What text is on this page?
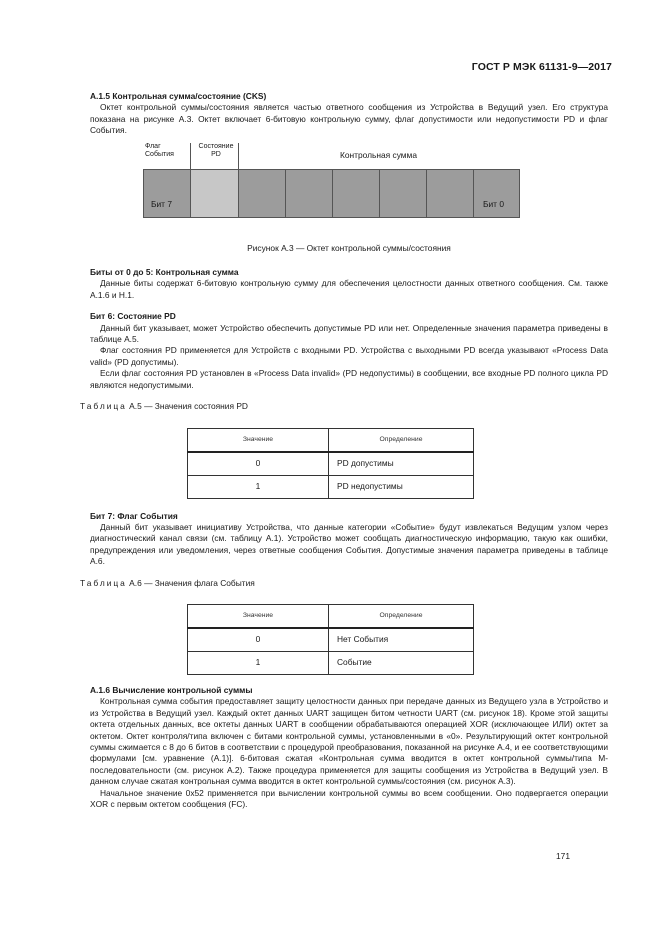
ГОСТ Р МЭК 61131-9—2017
А.1.5 Контрольная сумма/состояние (CKS)

Октет контрольной суммы/состояния является частью ответного сообщения из Устройства в Ведущий узел. Его структура показана на рисунке А.3. Октет включает 6-битовую контрольную сумму, флаг допустимости или недопустимости PD и флаг События.

Флаг События
Состояние PD	Контрольная сумма
Бит 7	Бит 0
Рисунок А.3 — Октет контрольной суммы/состояния
Биты от 0 до 5: Контрольная сумма

Данные биты содержат 6-битовую контрольную сумму для обеспечения целостности данных ответного сообщения. См. также А.1.6 и Н.1.

Бит 6: Состояние PD

Данный бит указывает, может Устройство обеспечить допустимые PD или нет. Определенные значения параметра приведены в таблице А.5.

Флаг состояния PD применяется для Устройств с входными PD. Устройства с выходными PD всегда указывают «Process Data valid» (PD допустимы).

Если флаг состояния PD установлен в «Process Data invalid» (PD недопустимы) в сообщении, все входные PD полного цикла PD являются недопустимыми.

Таблица А.5 — Значения состояния PD
Значение	Определение
0	PD допустимы
1	PD недопустимы
Бит 7: Флаг События

Данный бит указывает инициативу Устройства, что данные категории «Событие» будут извлекаться Ведущим узлом через диагностический канал связи (см. таблицу А.1). Устройство может сообщать диагностическую информацию, такую как ошибки, предупреждения или уведомления, через ответные сообщения События. Допустимые значения параметра приведены в таблице А.6.

Таблица А.6 — Значения флага События
Значение	Определение
0	Нет События
1	Событие
А.1.6 Вычисление контрольной суммы

Контрольная сумма события предоставляет защиту целостности данных при передаче данных из Ведущего узла в Устройство и из Устройства в Ведущий узел. Каждый октет данных UART защищен битом четности UART (см. рисунок 18). Кроме этой защиты октета отдельных данных, все октеты данных UART в сообщении обрабатываются операцией XOR (исключающее ИЛИ) октет за октетом. Октет контроля/типа включен с битами контрольной суммы, установленными в «0». Результирующий октет контрольной суммы сжимается с 8 до 6 битов в соответствии с процедурой преобразования, показанной на рисунке А.4, и ее соответствующими формулами [см. уравнение (А.1)]. 6-битовая сжатая «Контрольная сумма вводится в октет контрольной суммы/типа М-последовательности (см. рисунок А.2). Также процедура применяется для защиты сообщения из Устройства в Ведущий узел. В данном случае сжатая контрольная сумма вводится в октет контрольной суммы/состояния (см. рисунок А.3).

Начальное значение 0x52 применяется при вычислении контрольной суммы во всем сообщении. Оно подвергается операции XOR с первым октетом сообщения (FC).

171
